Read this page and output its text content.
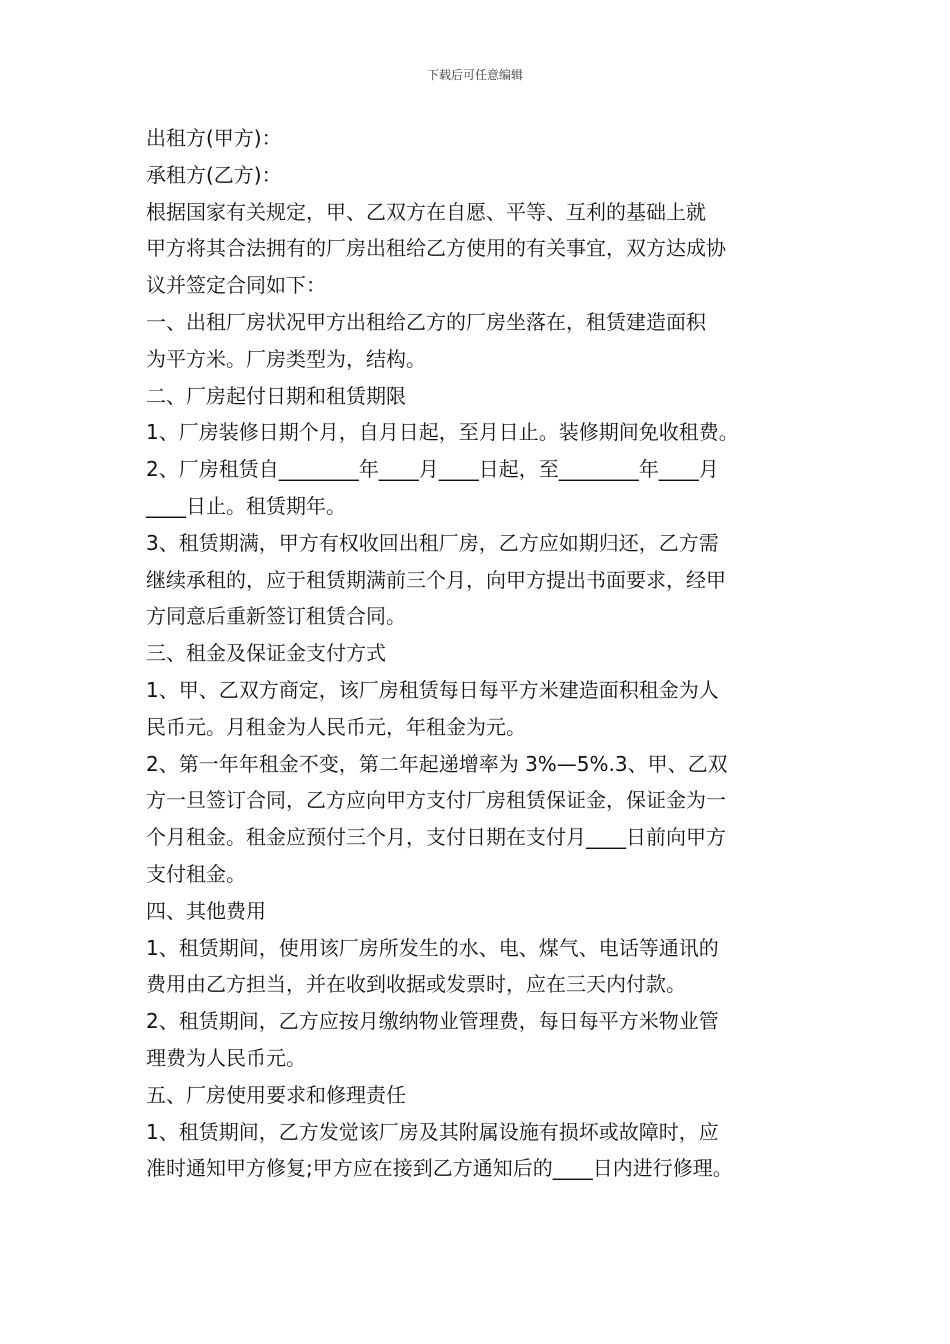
下载后可任意编辑

出租方(甲方)：

承租方(乙方)：

根据国家有关规定，甲、乙双方在自愿、平等、互利的基础上就

甲方将其合法拥有的厂房出租给乙方使用的有关事宜，双方达成协

议并签定合同如下：

一、出租厂房状况甲方出租给乙方的厂房坐落在，租赁建造面积

为平方米。厂房类型为，结构。

二、厂房起付日期和租赁期限

1、厂房装修日期个月，自月日起，至月日止。装修期间免收租费。

2、厂房租赁自________年____月____日起，至________年____月

____日止。租赁期年。

3、租赁期满，甲方有权收回出租厂房，乙方应如期归还，乙方需

继续承租的，应于租赁期满前三个月，向甲方提出书面要求，经甲

方同意后重新签订租赁合同。

三、租金及保证金支付方式

1、甲、乙双方商定，该厂房租赁每日每平方米建造面积租金为人

民币元。月租金为人民币元，年租金为元。

2、第一年年租金不变，第二年起递增率为 3%—5%.3、甲、乙双

方一旦签订合同，乙方应向甲方支付厂房租赁保证金，保证金为一

个月租金。租金应预付三个月，支付日期在支付月____日前向甲方

支付租金。

四、其他费用

1、租赁期间，使用该厂房所发生的水、电、煤气、电话等通讯的

费用由乙方担当，并在收到收据或发票时，应在三天内付款。

2、租赁期间，乙方应按月缴纳物业管理费，每日每平方米物业管

理费为人民币元。

五、厂房使用要求和修理责任

1、租赁期间，乙方发觉该厂房及其附属设施有损坏或故障时，应

准时通知甲方修复;甲方应在接到乙方通知后的____日内进行修理。
